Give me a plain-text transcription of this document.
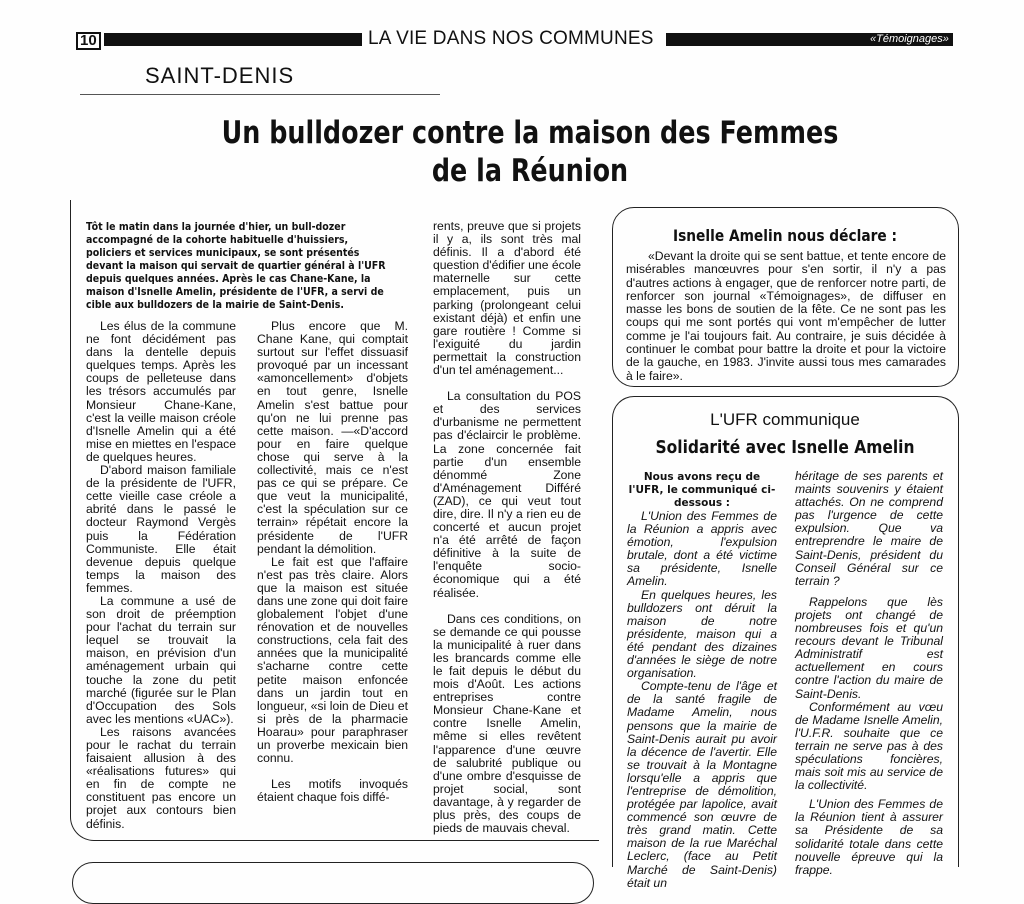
10	LA VIE DANS NOS COMMUNES	«Témoignages»
SAINT-DENIS
Un bulldozer contre la maison des Femmes
de la Réunion
Tôt le matin dans la journée d'hier, un bull-dozer accompagné de la cohorte habituelle d'huissiers, policiers et services municipaux, se sont présentés devant la maison qui servait de quartier général à l'UFR depuis quelques années. Après le cas Chane-Kane, la maison d'Isnelle Amelin, présidente de l'UFR, a servi de cible aux bulldozers de la mairie de Saint-Denis.

Les élus de la commune ne font décidément pas dans la dentelle depuis quelques temps. Après les coups de pelleteuse dans les trésors accumulés par Monsieur Chane-Kane, c'est la veille maison créole d'Isnelle Amelin qui a été mise en miettes en l'espace de quelques heures.

D'abord maison familiale de la présidente de l'UFR, cette vieille case créole a abrité dans le passé le docteur Raymond Vergès puis la Fédération Communiste. Elle était devenue depuis quelque temps la maison des femmes.

La commune a usé de son droit de préemption pour l'achat du terrain sur lequel se trouvait la maison, en prévision d'un aménagement urbain qui touche la zone du petit marché (figurée sur le Plan d'Occupation des Sols avec les mentions «UAC»).

Les raisons avancées pour le rachat du terrain faisaient allusion à des «réalisations futures» qui en fin de compte ne constituent pas encore un projet aux contours bien définis.

Plus encore que M. Chane Kane, qui comptait surtout sur l'effet dissuasif provoqué par un incessant «amoncellement» d'objets en tout genre, Isnelle Amelin s'est battue pour qu'on ne lui prenne pas cette maison. —«D'accord pour en faire quelque chose qui serve à la collectivité, mais ce n'est pas ce qui se prépare. Ce que veut la municipalité, c'est la spéculation sur ce terrain» répétait encore la présidente de l'UFR pendant la démolition.

Le fait est que l'affaire n'est pas très claire. Alors que la maison est située dans une zone qui doit faire globalement l'objet d'une rénovation et de nouvelles constructions, cela fait des années que la municipalité s'acharne contre cette petite maison enfoncée dans un jardin tout en longueur, «si loin de Dieu et si près de la pharmacie Hoarau» pour paraphraser un proverbe mexicain bien connu.

Les motifs invoqués étaient chaque fois diffé-

rents, preuve que si projets il y a, ils sont très mal définis. Il a d'abord été question d'édifier une école maternelle sur cette emplacement, puis un parking (prolongeant celui existant déjà) et enfin une gare routière ! Comme si l'exiguité du jardin permettait la construction d'un tel aménagement...

La consultation du POS et des services d'urbanisme ne permettent pas d'éclaircir le problème. La zone concernée fait partie d'un ensemble dénommé Zone d'Aménagement Différé (ZAD), ce qui veut tout dire, dire. Il n'y a rien eu de concerté et aucun projet n'a été arrêté de façon définitive à la suite de l'enquête socio-économique qui a été réalisée.

Dans ces conditions, on se demande ce qui pousse la municipalité à ruer dans les brancards comme elle le fait depuis le début du mois d'Août. Les actions entreprises contre Monsieur Chane-Kane et contre Isnelle Amelin, même si elles revêtent l'apparence d'une œuvre de salubrité publique ou d'une ombre d'esquisse de projet social, sont davantage, à y regarder de plus près, des coups de pieds de mauvais cheval.

Isnelle Amelin nous déclare :
«Devant la droite qui se sent battue, et tente encore de misérables manœuvres pour s'en sortir, il n'y a pas d'autres actions à engager, que de renforcer notre parti, de renforcer son journal «Témoignages», de diffuser en masse les bons de soutien de la fête. Ce ne sont pas les coups qui me sont portés qui vont m'empêcher de lutter comme je l'ai toujours fait. Au contraire, je suis décidée à continuer le combat pour battre la droite et pour la victoire de la gauche, en 1983. J'invite aussi tous mes camarades à le faire».
L'UFR communique
Solidarité avec Isnelle Amelin

Nous avons reçu de l'UFR, le communiqué ci-dessous :

L'Union des Femmes de la Réunion a appris avec émotion, l'expulsion brutale, dont a été victime sa présidente, Isnelle Amelin.

En quelques heures, les bulldozers ont déruit la maison de notre présidente, maison qui a été pendant des dizaines d'années le siège de notre organisation.

Compte-tenu de l'âge et de la santé fragile de Madame Amelin, nous pensons que la mairie de Saint-Denis aurait pu avoir la décence de l'avertir. Elle se trouvait à la Montagne lorsqu'elle a appris que l'entreprise de démolition, protégée par lapolice, avait commencé son œuvre de très grand matin. Cette maison de la rue Maréchal Leclerc, (face au Petit Marché de Saint-Denis) était un

héritage de ses parents et maints souvenirs y étaient attachés. On ne comprend pas l'urgence de cette expulsion. Que va entreprendre le maire de Saint-Denis, président du Conseil Général sur ce terrain ?

Rappelons que lès projets ont changé de nombreuses fois et qu'un recours devant le Tribunal Administratif est actuellement en cours contre l'action du maire de Saint-Denis.

Conformément au vœu de Madame Isnelle Amelin, l'U.F.R. souhaite que ce terrain ne serve pas à des spéculations foncières, mais soit mis au service de la collectivité.

L'Union des Femmes de la Réunion tient à assurer sa Présidente de sa solidarité totale dans cette nouvelle épreuve qui la frappe.
